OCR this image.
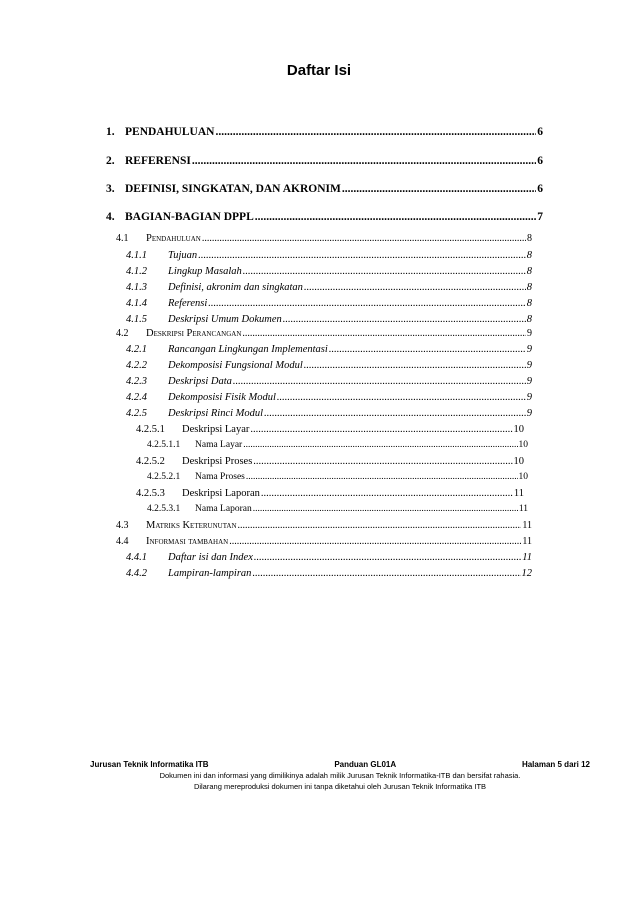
Daftar Isi
1. PENDAHULUAN .....	6
2. REFERENSI .....	6
3. DEFINISI, SINGKATAN, DAN AKRONIM .....	6
4. BAGIAN-BAGIAN DPPL .....	7
4.1	Pendahuluan .....	8
4.1.1	Tujuan .....	8
4.1.2	Lingkup Masalah .....	8
4.1.3	Definisi, akronim dan singkatan .....	8
4.1.4	Referensi .....	8
4.1.5	Deskripsi Umum Dokumen .....	8
4.2	Deskripsi Perancangan .....	9
4.2.1	Rancangan Lingkungan Implementasi .....	9
4.2.2	Dekomposisi Fungsional Modul .....	9
4.2.3	Deskripsi Data .....	9
4.2.4	Dekomposisi Fisik Modul .....	9
4.2.5	Deskripsi Rinci Modul .....	9
4.2.5.1	Deskripsi Layar .....	10
4.2.5.1.1	Nama Layar .....	10
4.2.5.2	Deskripsi Proses .....	10
4.2.5.2.1	Nama Proses .....	10
4.2.5.3	Deskripsi Laporan .....	11
4.2.5.3.1	Nama Laporan .....	11
4.3	Matriks Keterunutan .....	11
4.4	Informasi tambahan .....	11
4.4.1	Daftar isi dan Index .....	11
4.4.2	Lampiran-lampiran .....	12
Jurusan Teknik Informatika ITB	Panduan GL01A	Halaman 5 dari 12
Dokumen ini dan informasi yang dimilikinya adalah milik Jurusan Teknik Informatika-ITB dan bersifat rahasia.
Dilarang mereproduksi dokumen ini tanpa diketahui oleh Jurusan Teknik Informatika ITB
